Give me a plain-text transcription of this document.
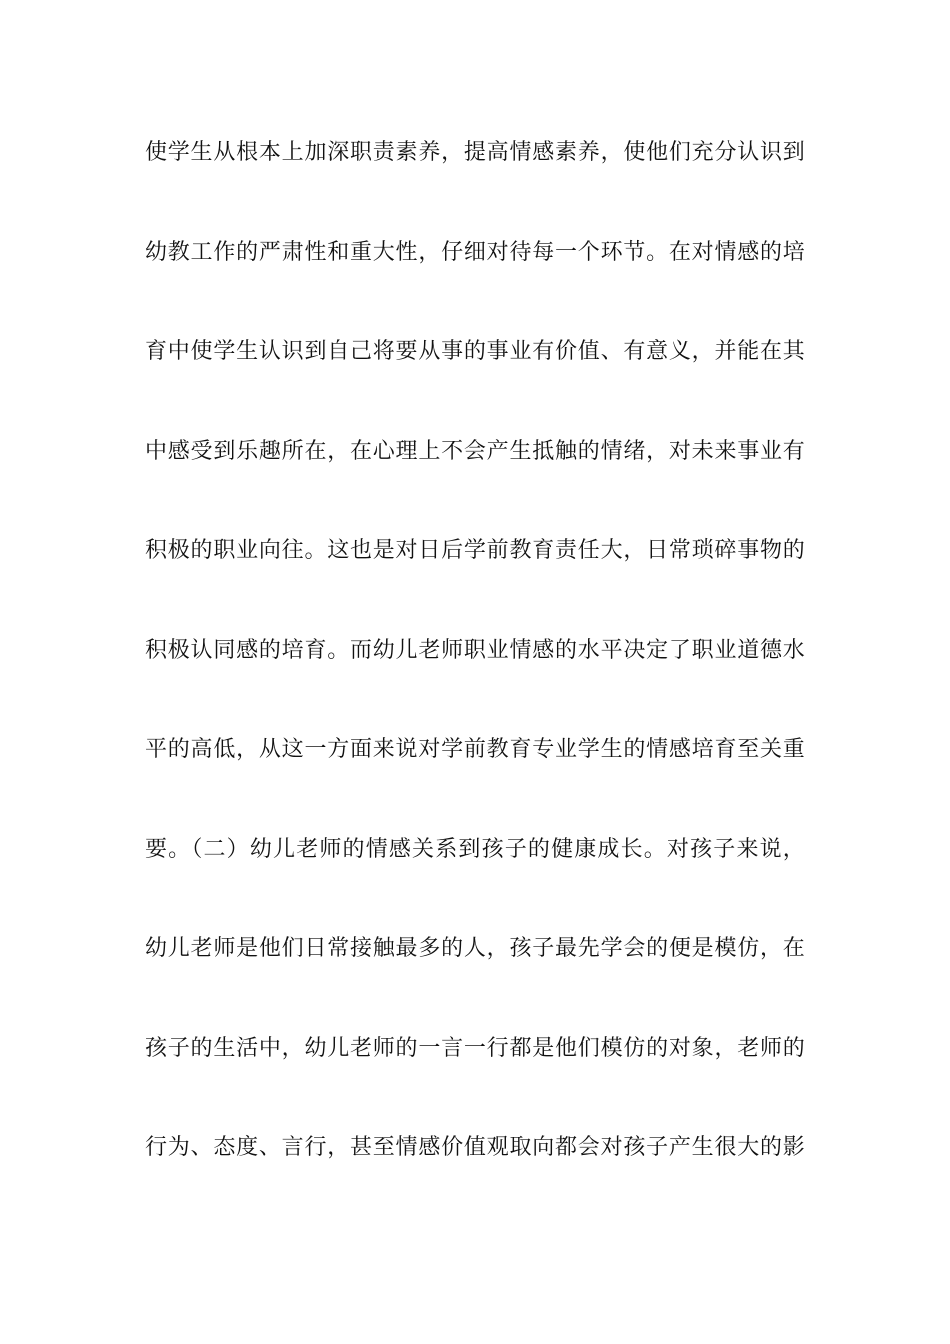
使学生从根本上加深职责素养，提高情感素养，使他们充分认识到
幼教工作的严肃性和重大性，仔细对待每一个环节。在对情感的培
育中使学生认识到自己将要从事的事业有价值、有意义，并能在其
中感受到乐趣所在，在心理上不会产生抵触的情绪，对未来事业有
积极的职业向往。这也是对日后学前教育责任大，日常琐碎事物的
积极认同感的培育。而幼儿老师职业情感的水平决定了职业道德水
平的高低，从这一方面来说对学前教育专业学生的情感培育至关重
要。（二）幼儿老师的情感关系到孩子的健康成长。对孩子来说，
幼儿老师是他们日常接触最多的人，孩子最先学会的便是模仿，在
孩子的生活中，幼儿老师的一言一行都是他们模仿的对象，老师的
行为、态度、言行，甚至情感价值观取向都会对孩子产生很大的影
